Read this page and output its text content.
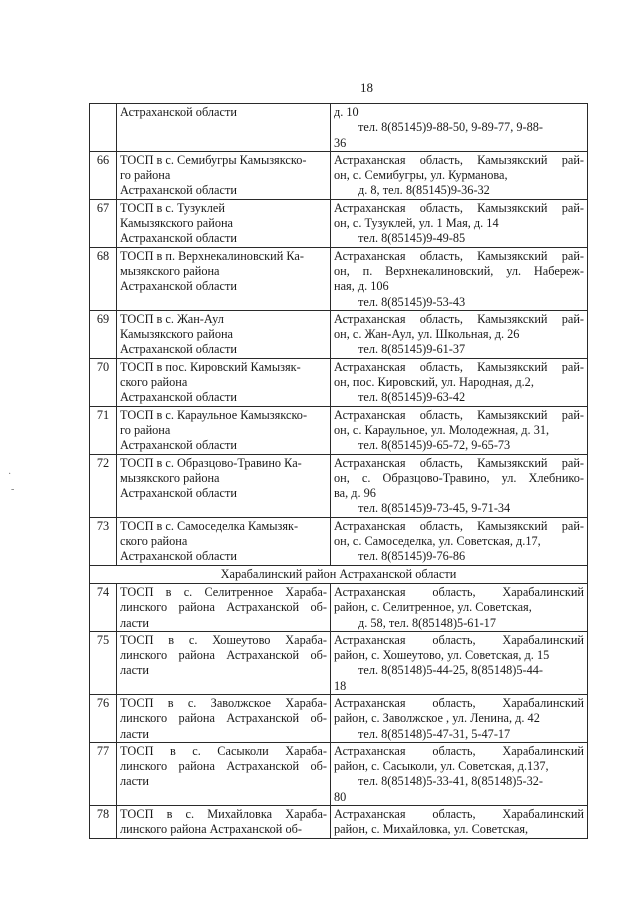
18
·
-

	Астраханской области	д. 10
тел. 8(85145)9-88-50, 9-89-77, 9-88-
36

66	ТОСП в с. Семибугры Камызякско-
го района
Астраханской области	Астраханская область, Камызякский рай-
он, с. Семибугры, ул. Курманова,
д. 8, тел. 8(85145)9-36-32

67	ТОСП в с. Тузуклей
Камызякского района
Астраханской области	Астраханская область, Камызякский рай-
он, с. Тузуклей, ул. 1 Мая, д. 14
тел. 8(85145)9-49-85

68	ТОСП в п. Верхнекалиновский Ка-
мызякского района
Астраханской области	Астраханская область, Камызякский рай-
он, п. Верхнекалиновский, ул. Набереж-
ная, д. 106
тел. 8(85145)9-53-43

69	ТОСП в с. Жан-Аул
Камызякского района
Астраханской области	Астраханская область, Камызякский рай-
он, с. Жан-Аул, ул. Школьная, д. 26
тел. 8(85145)9-61-37

70	ТОСП в пос. Кировский Камызяк-
ского района
Астраханской области	Астраханская область, Камызякский рай-
он, пос. Кировский, ул. Народная, д.2,
тел. 8(85145)9-63-42

71	ТОСП в с. Караульное Камызякско-
го района
Астраханской области	Астраханская область, Камызякский рай-
он, с. Караульное, ул. Молодежная, д. 31,
тел. 8(85145)9-65-72, 9-65-73

72	ТОСП в с. Образцово-Травино Ка-
мызякского района
Астраханской области	Астраханская область, Камызякский рай-
он, с. Образцово-Травино, ул. Хлебнико-
ва, д. 96
тел. 8(85145)9-73-45, 9-71-34

73	ТОСП в с. Самоседелка Камызяк-
ского района
Астраханской области	Астраханская область, Камызякский рай-
он, с. Самоседелка, ул. Советская, д.17,
тел. 8(85145)9-76-86

Харабалинский район Астраханской области		
74	ТОСП в с. Селитренное Хараба-
линского района Астраханской об-
ласти	Астраханская область, Харабалинский
район, с. Селитренное, ул. Советская,
д. 58, тел. 8(85148)5-61-17

75	ТОСП в с. Хошеутово Хараба-
линского района Астраханской об-
ласти	Астраханская область, Харабалинский
район, с. Хошеутово, ул. Советская, д. 15
тел. 8(85148)5-44-25, 8(85148)5-44-
18

76	ТОСП в с. Заволжское Хараба-
линского района Астраханской об-
ласти	Астраханская область, Харабалинский
район, с. Заволжское , ул. Ленина, д. 42
тел. 8(85148)5-47-31, 5-47-17

77	ТОСП в с. Сасыколи Хараба-
линского района Астраханской об-
ласти	Астраханская область, Харабалинский
район, с. Сасыколи, ул. Советская, д.137,
тел. 8(85148)5-33-41, 8(85148)5-32-
80

78	ТОСП в с. Михайловка Хараба-
линского района Астраханской об-	Астраханская область, Харабалинский
район, с. Михайловка, ул. Советская,
